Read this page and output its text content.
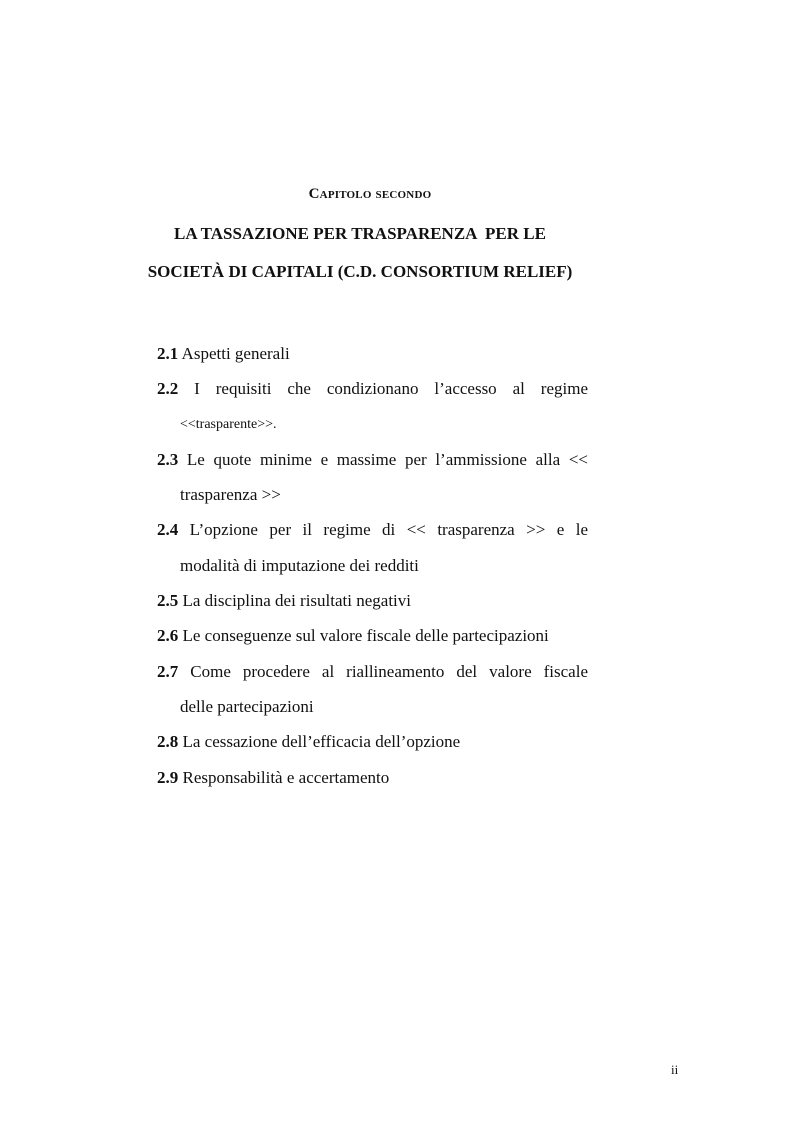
Capitolo secondo
LA TASSAZIONE PER TRASPARENZA  PER LE
SOCIETÀ DI CAPITALI (C.D. CONSORTIUM RELIEF)
2.1 Aspetti generali
2.2 I requisiti che condizionano l’accesso al regime
<<trasparente>>.
2.3 Le quote minime e massime per l’ammissione alla <<
trasparenza >>
2.4 L’opzione per il regime di << trasparenza >> e le
modalità di imputazione dei redditi
2.5 La disciplina dei risultati negativi
2.6 Le conseguenze sul valore fiscale delle partecipazioni
2.7 Come procedere al riallineamento del valore fiscale
delle partecipazioni
2.8 La cessazione dell’efficacia dell’opzione
2.9 Responsabilità e accertamento
ii
